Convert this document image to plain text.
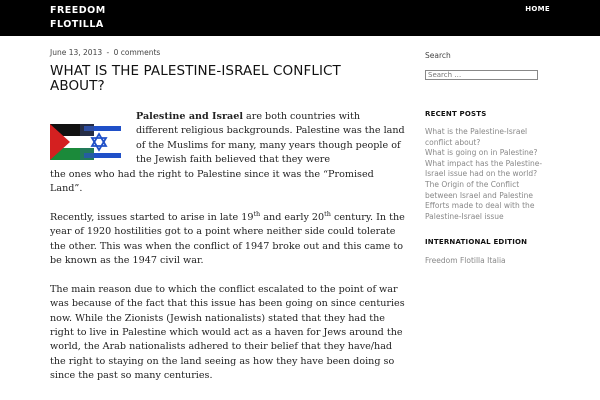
FREEDOM
FLOTILLA
HOME
June 13, 2013 - 0 comments
WHAT IS THE PALESTINE-ISRAEL CONFLICT ABOUT?

Palestine and Israel are both countries with different religious backgrounds. Palestine was the land of the Muslims for many, many years though people of the Jewish faith believed that they were
the ones who had the right to Palestine since it was the “Promised Land”.

Recently, issues started to arise in late 19th and early 20th century. In the year of 1920 hostilities got to a point where neither side could tolerate the other. This was when the conflict of 1947 broke out and this came to be known as the 1947 civil war.

The main reason due to which the conflict escalated to the point of war was because of the fact that this issue has been going on since centuries now. While the Zionists (Jewish nationalists) stated that they had the right to live in Palestine which would act as a haven for Jews around the world, the Arab nationalists adhered to their belief that they have/had the right to staying on the land seeing as how they have been doing so since the past so many centuries.

Search
Search …
RECENT POSTS
What is the Palestine-Israel conflict about?
What is going on in Palestine?
What impact has the Palestine-Israel issue had on the world?
The Origin of the Conflict between Israel and Palestine
Efforts made to deal with the Palestine-Israel issue
INTERNATIONAL EDITION
Freedom Flotilla Italia
